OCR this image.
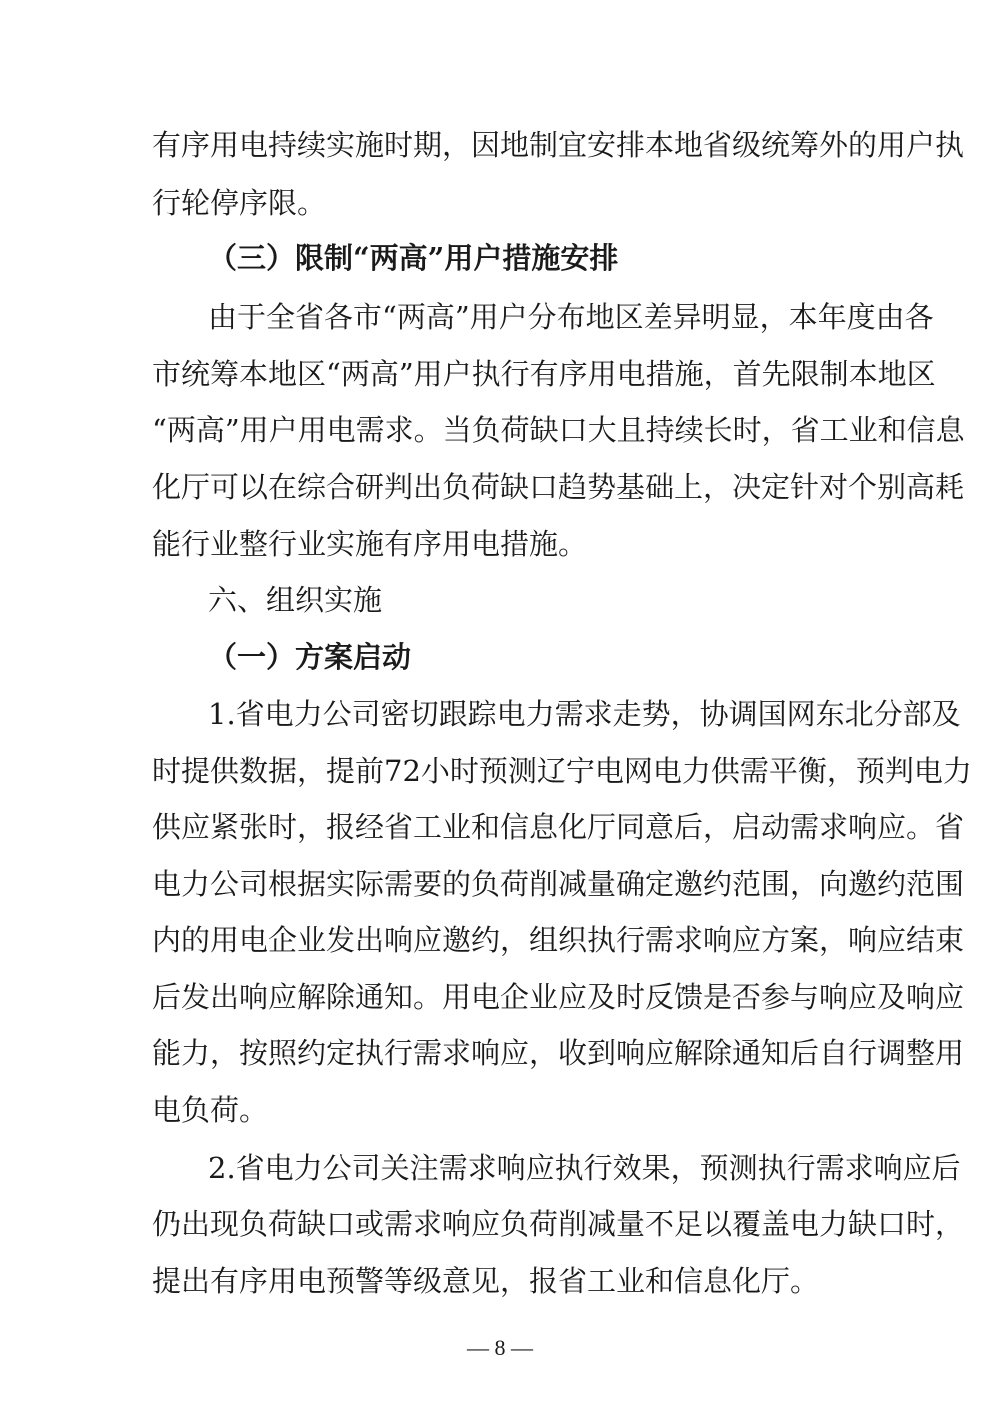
有序用电持续实施时期，因地制宜安排本地省级统筹外的用户执
行轮停序限。
（三）限制“两高”用户措施安排
由于全省各市“两高”用户分布地区差异明显，本年度由各
市统筹本地区“两高”用户执行有序用电措施，首先限制本地区
“两高”用户用电需求。当负荷缺口大且持续长时，省工业和信息
化厅可以在综合研判出负荷缺口趋势基础上，决定针对个别高耗
能行业整行业实施有序用电措施。
六、组织实施
（一）方案启动
1.省电力公司密切跟踪电力需求走势，协调国网东北分部及
时提供数据，提前72小时预测辽宁电网电力供需平衡，预判电力
供应紧张时，报经省工业和信息化厅同意后，启动需求响应。省
电力公司根据实际需要的负荷削减量确定邀约范围，向邀约范围
内的用电企业发出响应邀约，组织执行需求响应方案，响应结束
后发出响应解除通知。用电企业应及时反馈是否参与响应及响应
能力，按照约定执行需求响应，收到响应解除通知后自行调整用
电负荷。
2.省电力公司关注需求响应执行效果，预测执行需求响应后
仍出现负荷缺口或需求响应负荷削减量不足以覆盖电力缺口时，
提出有序用电预警等级意见，报省工业和信息化厅。
— 8 —
